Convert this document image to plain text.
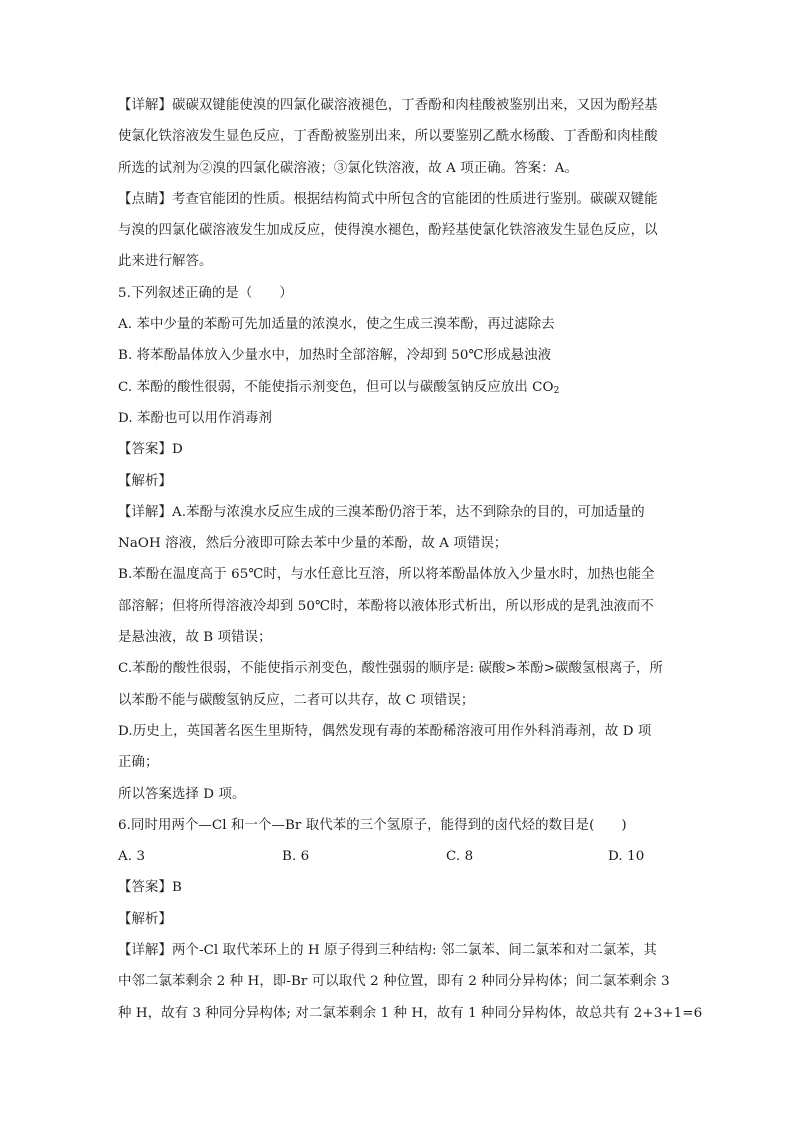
【详解】碳碳双键能使溴的四氯化碳溶液褪色，丁香酚和肉桂酸被鉴别出来，又因为酚羟基
使氯化铁溶液发生显色反应，丁香酚被鉴别出来，所以要鉴别乙酰水杨酸、丁香酚和肉桂酸
所选的试剂为②溴的四氯化碳溶液；③氯化铁溶液，故 A 项正确。答案：A。
【点睛】考查官能团的性质。根据结构简式中所包含的官能团的性质进行鉴别。碳碳双键能
与溴的四氯化碳溶液发生加成反应，使得溴水褪色，酚羟基使氯化铁溶液发生显色反应，以
此来进行解答。
5.下列叙述正确的是（　　）
A. 苯中少量的苯酚可先加适量的浓溴水，使之生成三溴苯酚，再过滤除去
B. 将苯酚晶体放入少量水中，加热时全部溶解，冷却到 50℃形成悬浊液
C. 苯酚的酸性很弱，不能使指示剂变色，但可以与碳酸氢钠反应放出 $CO_2$
D. 苯酚也可以用作消毒剂
【答案】D
【解析】
【详解】A.苯酚与浓溴水反应生成的三溴苯酚仍溶于苯，达不到除杂的目的，可加适量的
NaOH 溶液，然后分液即可除去苯中少量的苯酚，故 A 项错误；
B.苯酚在温度高于 65℃时，与水任意比互溶，所以将苯酚晶体放入少量水时，加热也能全
部溶解；但将所得溶液冷却到 50℃时，苯酚将以液体形式析出，所以形成的是乳浊液而不
是悬浊液，故 B 项错误；
C.苯酚的酸性很弱，不能使指示剂变色，酸性强弱的顺序是: 碳酸>苯酚>碳酸氢根离子，所
以苯酚不能与碳酸氢钠反应，二者可以共存，故 C 项错误；
D.历史上，英国著名医生里斯特，偶然发现有毒的苯酚稀溶液可用作外科消毒剂，故 D 项
正确；
所以答案选择 D 项。
6.同时用两个—Cl 和一个—Br 取代苯的三个氢原子，能得到的卤代烃的数目是(　　)
A. 3	B. 6	C. 8	D. 10
【答案】B
【解析】
【详解】两个-Cl 取代苯环上的 H 原子得到三种结构: 邻二氯苯、间二氯苯和对二氯苯，其
中邻二氯苯剩余 2 种 H，即-Br 可以取代 2 种位置，即有 2 种同分异构体；间二氯苯剩余 3
种 H，故有 3 种同分异构体; 对二氯苯剩余 1 种 H，故有 1 种同分异构体，故总共有 2+3+1=6
